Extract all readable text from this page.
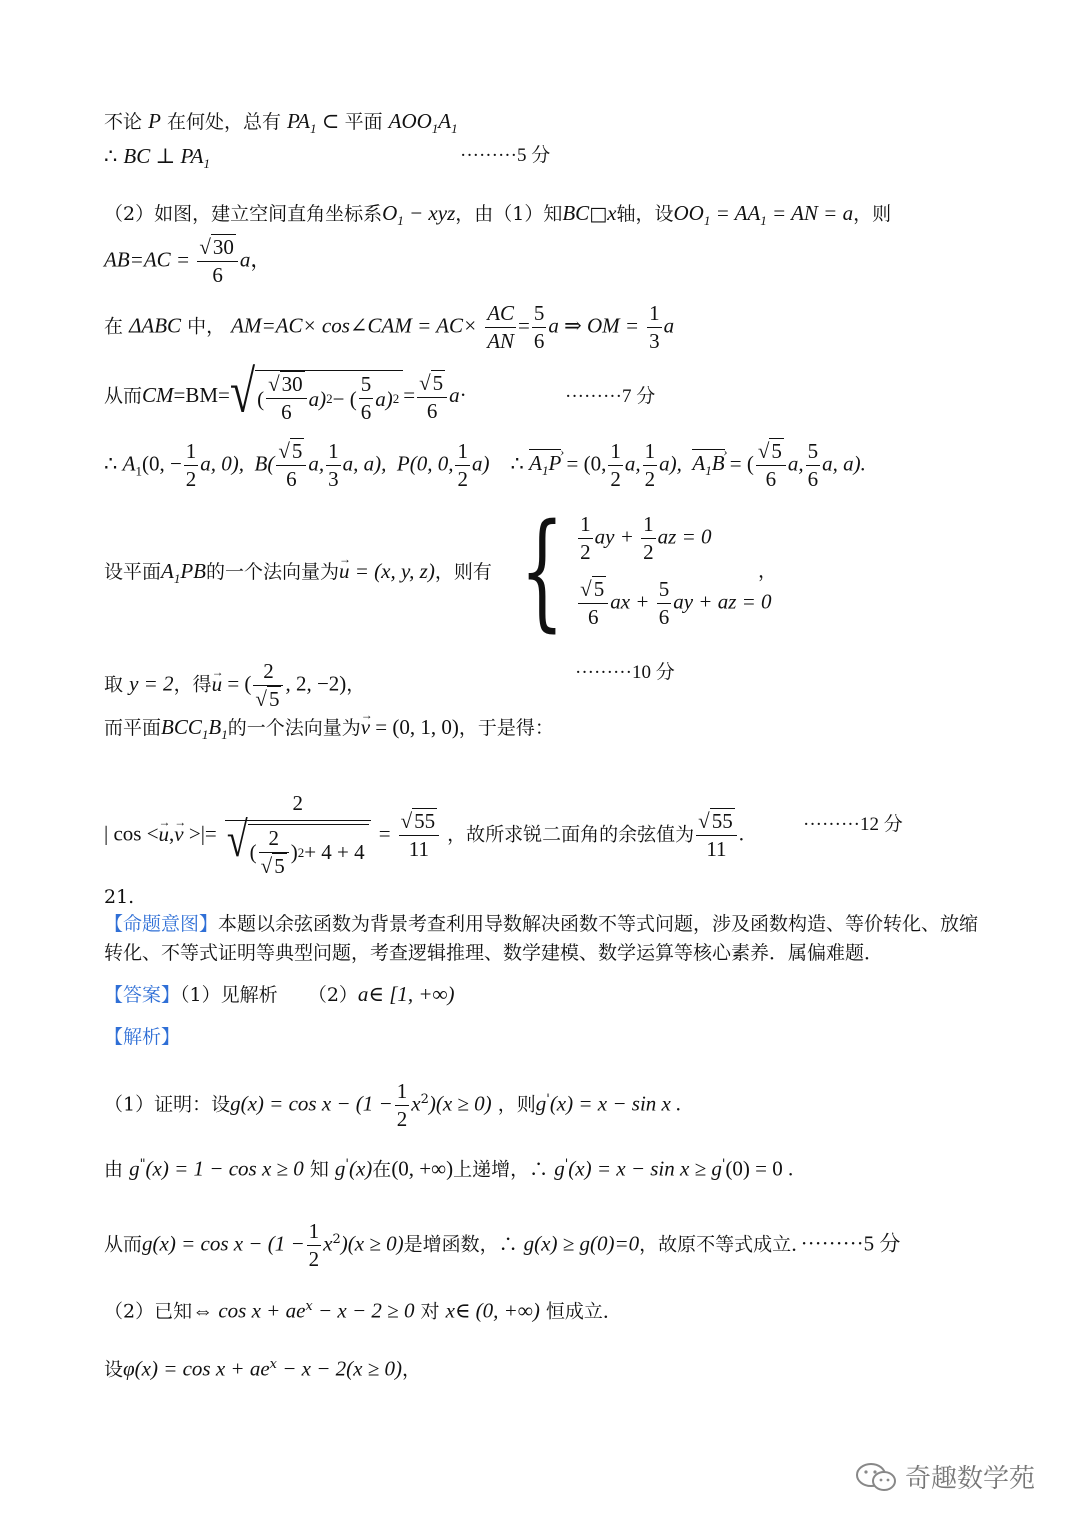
不论 P 在何处，总有 $PA_1$ ⊂ 平面 $AOO_1A_1$
∴ BC ⊥ $PA_1$	·········5 分
（2）如图，建立空间直角坐标系$O_1$ − xyz，由（1）知BC□x轴，设$OO_1 = AA_1$ = AN = a，则
$AB=AC = \frac{√30}{6}$ a，
在 ΔABC 中， AM=AC× cos∠CAM = $AC\times \frac{AC}{AN} = \frac{5}{6}$ a ⇒ OM = $\frac{1}{3}$ a
从而CM=BM= √ ( $\frac{√30}{6} a$) 2 − ( $\frac{5}{6} a$) $2 = \frac{√5}{6} a\cdot$	·········7 分
∴ $A_1(0$, − $\frac{1}{2} a$, 0), $B( \frac{√5}{6} a$, $\frac{1}{3} a$, a), P(0, 0, $\frac{1}{2} a$) ∴ $A_1P$ › = (0, $\frac{1}{2} a$, $\frac{1}{2} a$), $A_1B$ › = ( $\frac{√5}{6} a$, $\frac{5}{6} a$, a).
设平面$A_1PB$的一个法向量为→ u = (x, y, z)，则有 { $\frac{1}{2}$ ay + $\frac{1}{2}$ az = 0
$\frac{√5}{6}$ ax + $\frac{5}{6}$ ay + az = 0
，
取 y = 2，得→ u = ( $\frac{2}{√5}$ , 2, −2)，
·········10 分
而平面$BCC_1B_1$的一个法向量为→ v = (0, 1, 0)，于是得：
| cos <→ u,→ v >|= $\frac{2}{√ ( \frac{2}{√5} ) 2 + 4 + 4} = \frac{√55}{11}$ ，故所求锐二面角的余弦值为 $\frac{√55}{11}$ .	·········12 分
21.
【命题意图】本题以余弦函数为背景考查利用导数解决函数不等式问题，涉及函数构造、等价转化、放缩
转化、不等式证明等典型问题，考查逻辑推理、数学建模、数学运算等核心素养．属偏难题．
【答案】（1）见解析 （2）a∈ [1, +∞)
【解析】
（1）证明：设$g(x) = \cos x - (1 - \frac{1}{2} x^2)(x \ge 0)$ ，则g'(x) = x − sin x .
由 g"(x) = 1 − cos x ≥ 0 知 g'(x)在(0, +∞)上递增，∴ g'(x) = x − sin x ≥ g'(0) = 0 .
从而$g(x) = \cos x - (1 - \frac{1}{2} x^2)(x \ge 0)$是增函数，∴ g(x) ≥ g(0)=0，故原不等式成立．·········5 分
（2）已知⇔ $\cos x + ae^x - x - 2 \ge 0$ 对 x∈ (0, +∞) 恒成立．
设$\varphi(x) = \cos x + ae^x - x - 2(x \ge 0)$，
奇趣数学苑
